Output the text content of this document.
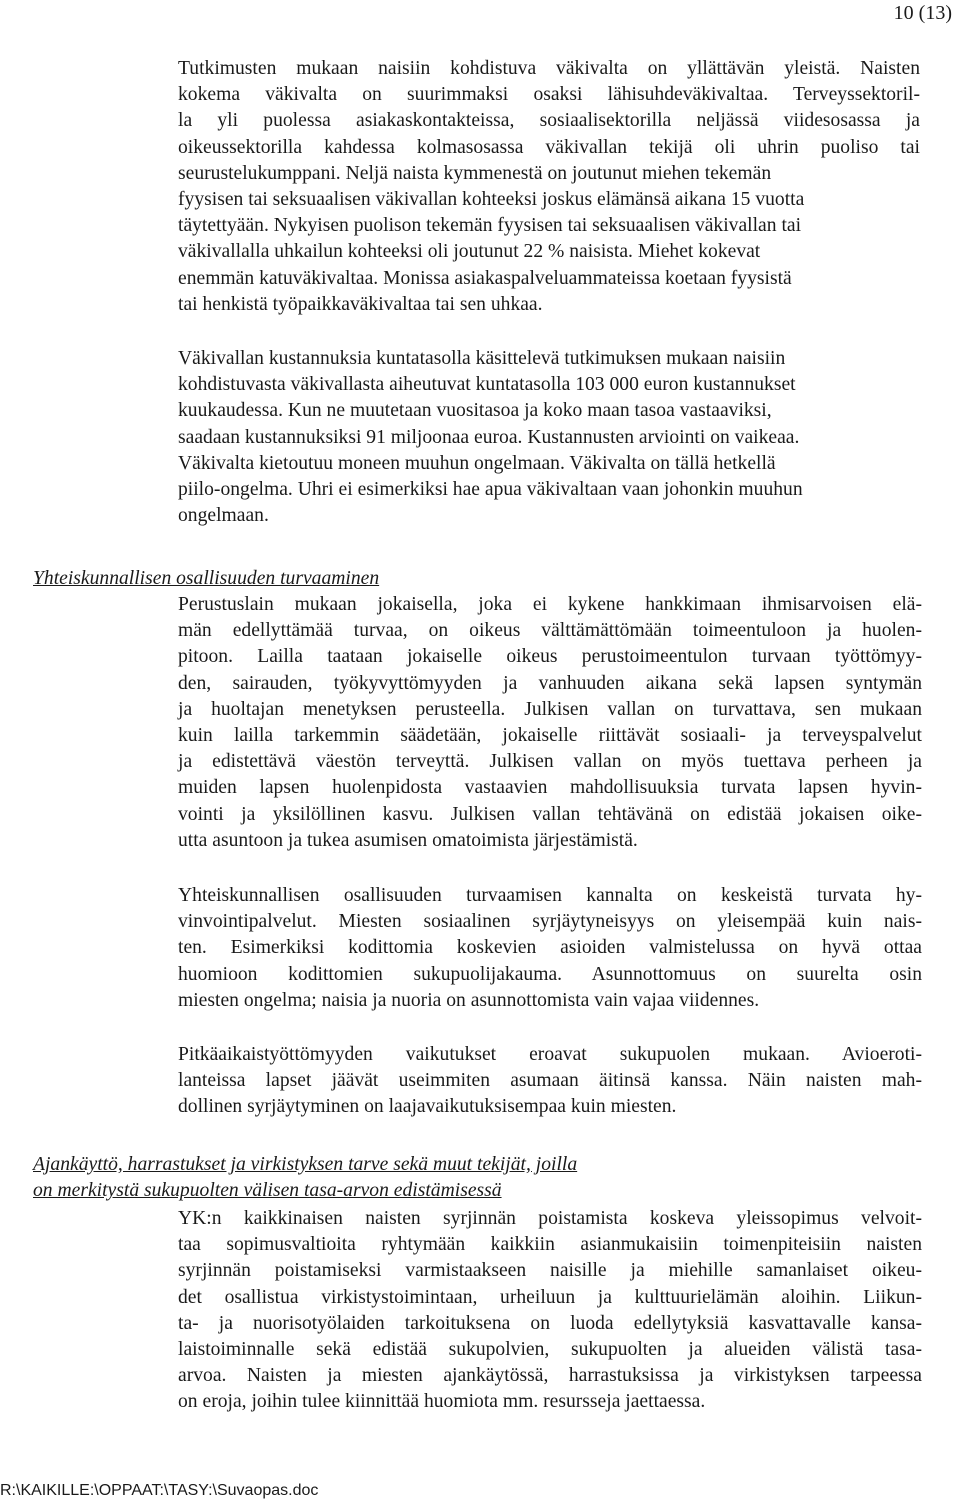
10 (13)
Tutkimusten mukaan naisiin kohdistuva väkivalta on yllättävän yleistä. Naisten
kokema väkivalta on suurimmaksi osaksi lähisuhdeväkivaltaa. Terveyssektoril-
la yli puolessa asiakaskontakteissa, sosiaalisektorilla neljässä viidesosassa ja
oikeussektorilla kahdessa kolmasosassa väkivallan tekijä oli uhrin puoliso tai
seurustelukumppani. Neljä naista kymmenestä on joutunut miehen tekemän
fyysisen tai seksuaalisen väkivallan kohteeksi joskus elämänsä aikana 15 vuotta
täytettyään. Nykyisen puolison tekemän fyysisen tai seksuaalisen väkivallan tai
väkivallalla uhkailun kohteeksi oli joutunut 22 % naisista. Miehet kokevat
enemmän katuväkivaltaa. Monissa asiakaspalveluammateissa koetaan fyysistä
tai henkistä työpaikkaväkivaltaa tai sen uhkaa.
Väkivallan kustannuksia kuntatasolla käsittelevä tutkimuksen mukaan naisiin
kohdistuvasta väkivallasta aiheutuvat kuntatasolla 103 000 euron kustannukset
kuukaudessa. Kun ne muutetaan vuositasoa ja koko maan tasoa vastaaviksi,
saadaan kustannuksiksi 91 miljoonaa euroa. Kustannusten arviointi on vaikeaa.
Väkivalta kietoutuu moneen muuhun ongelmaan. Väkivalta on tällä hetkellä
piilo-ongelma. Uhri ei esimerkiksi hae apua väkivaltaan vaan johonkin muuhun
ongelmaan.
Yhteiskunnallisen osallisuuden turvaaminen
Perustuslain mukaan jokaisella, joka ei kykene hankkimaan ihmisarvoisen elä-
män edellyttämää turvaa, on oikeus välttämättömään toimeentuloon ja huolen-
pitoon. Lailla taataan jokaiselle oikeus perustoimeentulon turvaan työttömyy-
den, sairauden, työkyvyttömyyden ja vanhuuden aikana sekä lapsen syntymän
ja huoltajan menetyksen perusteella. Julkisen vallan on turvattava, sen mukaan
kuin lailla tarkemmin säädetään, jokaiselle riittävät sosiaali- ja terveyspalvelut
ja edistettävä väestön terveyttä. Julkisen vallan on myös tuettava perheen ja
muiden lapsen huolenpidosta vastaavien mahdollisuuksia turvata lapsen hyvin-
vointi ja yksilöllinen kasvu. Julkisen vallan tehtävänä on edistää jokaisen oike-
utta asuntoon ja tukea asumisen omatoimista järjestämistä.
Yhteiskunnallisen osallisuuden turvaamisen kannalta on keskeistä turvata hy-
vinvointipalvelut. Miesten sosiaalinen syrjäytyneisyys on yleisempää kuin nais-
ten. Esimerkiksi kodittomia koskevien asioiden valmistelussa on hyvä ottaa
huomioon kodittomien sukupuolijakauma. Asunnottomuus on suurelta osin
miesten ongelma; naisia ja nuoria on asunnottomista vain vajaa viidennes.
Pitkäaikaistyöttömyyden vaikutukset eroavat sukupuolen mukaan. Avioeroti-
lanteissa lapset jäävät useimmiten asumaan äitinsä kanssa. Näin naisten mah-
dollinen syrjäytyminen on laajavaikutuksisempaa kuin miesten.
Ajankäyttö, harrastukset ja virkistyksen tarve sekä muut tekijät, joilla
on merkitystä sukupuolten välisen tasa-arvon edistämisessä
YK:n kaikkinaisen naisten syrjinnän poistamista koskeva yleissopimus velvoit-
taa sopimusvaltioita ryhtymään kaikkiin asianmukaisiin toimenpiteisiin naisten
syrjinnän poistamiseksi varmistaakseen naisille ja miehille samanlaiset oikeu-
det osallistua virkistystoimintaan, urheiluun ja kulttuurielämän aloihin. Liikun-
ta- ja nuorisotyölaiden tarkoituksena on luoda edellytyksiä kasvattavalle kansa-
laistoiminnalle sekä edistää sukupolvien, sukupuolten ja alueiden välistä tasa-
arvoa. Naisten ja miesten ajankäytössä, harrastuksissa ja virkistyksen tarpeessa
on eroja, joihin tulee kiinnittää huomiota mm. resursseja jaettaessa.
R:\KAIKILLE:\OPPAAT:\TASY:\Suvaopas.doc
